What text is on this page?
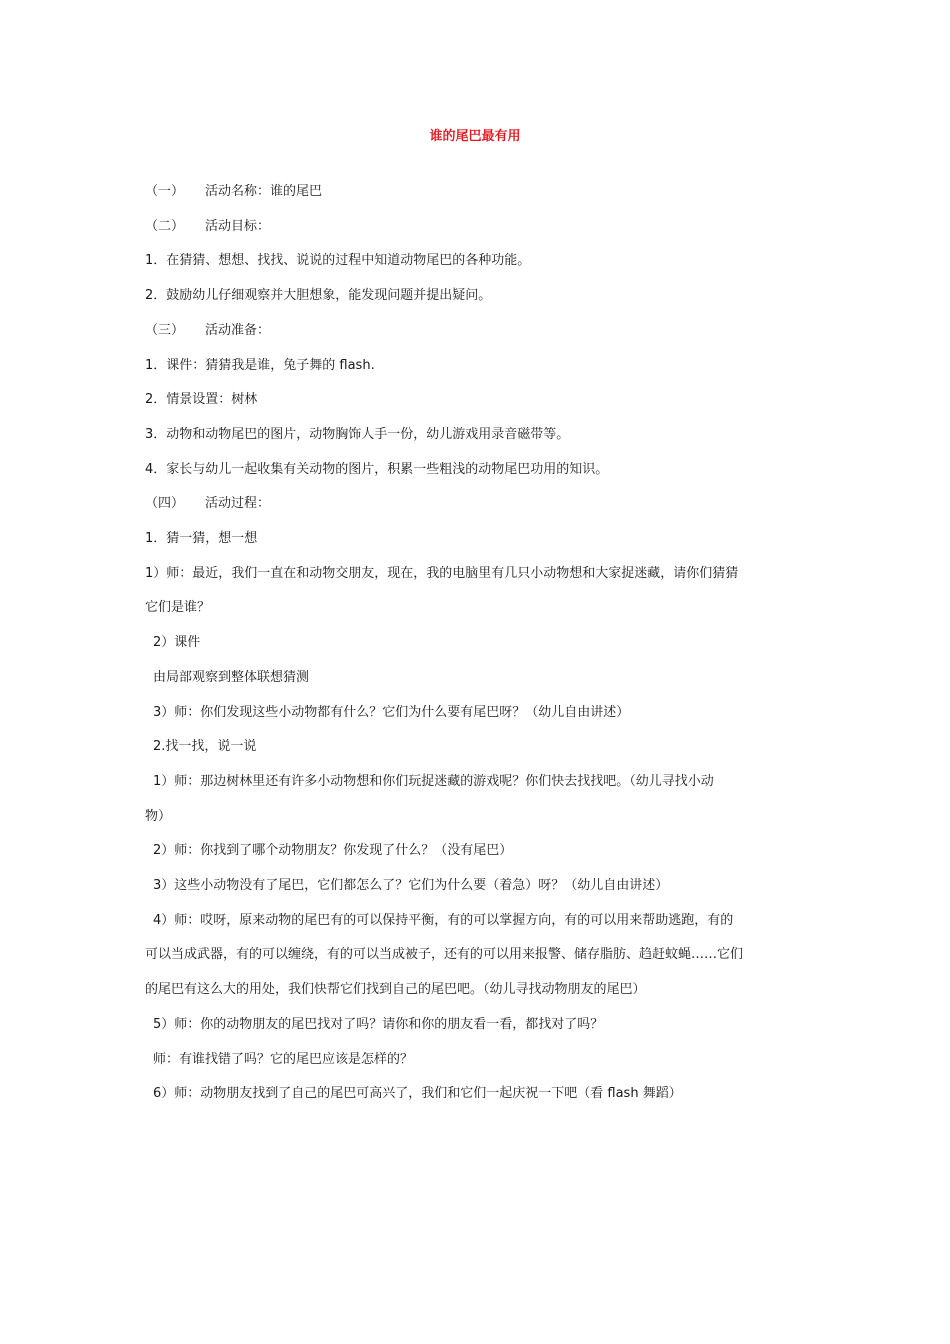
谁的尾巴最有用
（一） 活动名称：谁的尾巴
（二） 活动目标：
1．在猜猜、想想、找找、说说的过程中知道动物尾巴的各种功能。
2．鼓励幼儿仔细观察并大胆想象，能发现问题并提出疑问。
（三） 活动准备：
1．课件：猜猜我是谁，兔子舞的 flash.
2．情景设置：树林
3．动物和动物尾巴的图片，动物胸饰人手一份，幼儿游戏用录音磁带等。
4．家长与幼儿一起收集有关动物的图片，积累一些粗浅的动物尾巴功用的知识。
（四） 活动过程：
1．猜一猜，想一想
1）师：最近，我们一直在和动物交朋友，现在，我的电脑里有几只小动物想和大家捉迷藏，请你们猜猜
它们是谁？
2）课件
由局部观察到整体联想猜测
3）师：你们发现这些小动物都有什么？它们为什么要有尾巴呀？（幼儿自由讲述）
2.找一找，说一说
1）师：那边树林里还有许多小动物想和你们玩捉迷藏的游戏呢？你们快去找找吧。（幼儿寻找小动
物）
2）师：你找到了哪个动物朋友？你发现了什么？（没有尾巴）
3）这些小动物没有了尾巴，它们都怎么了？它们为什么要（着急）呀？（幼儿自由讲述）
4）师：哎呀，原来动物的尾巴有的可以保持平衡，有的可以掌握方向，有的可以用来帮助逃跑，有的
可以当成武器，有的可以缠绕，有的可以当成被子，还有的可以用来报警、储存脂肪、趋赶蚊蝇……它们
的尾巴有这么大的用处，我们快帮它们找到自己的尾巴吧。（幼儿寻找动物朋友的尾巴）
5）师：你的动物朋友的尾巴找对了吗？请你和你的朋友看一看，都找对了吗？
师：有谁找错了吗？它的尾巴应该是怎样的？
6）师：动物朋友找到了自己的尾巴可高兴了，我们和它们一起庆祝一下吧（看 flash 舞蹈）
